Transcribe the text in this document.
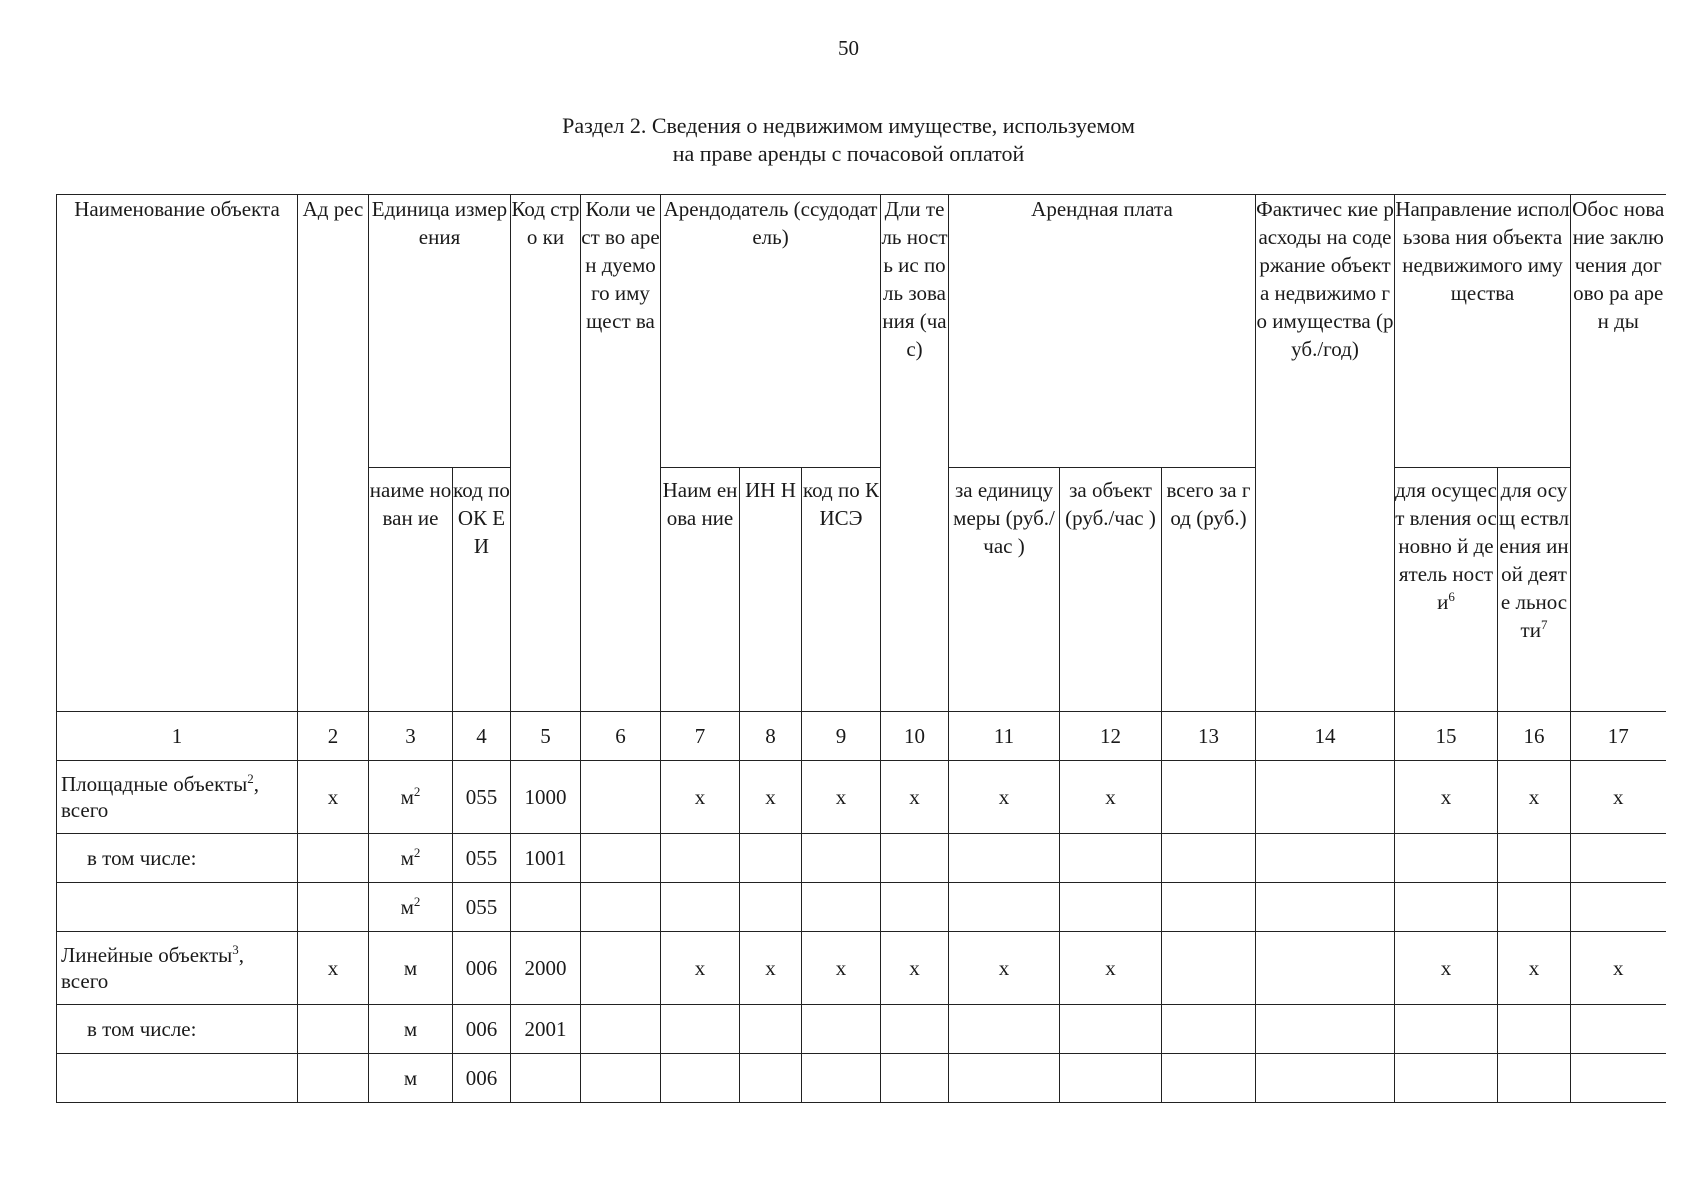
50
Раздел 2. Сведения о недвижимом имуществе, используемом
на праве аренды с почасовой оплатой
Наименование объекта	Ад рес	Единица измерения		Код стро ки	Коли чест во арен дуемо го иму щест ва	Арендодатель (ссудодатель)			Дли тель ность ис поль зова ния (час)	Арендная плата			Фактичес кие расходы на содержание объекта недвижимо го имущества (руб./год)	Направление использова ния объекта недвижимого имущества		Обос нова ние заклю чения догово ра арен ды
		наиме нован ие	код по ОК ЕИ			Наим енова ние	ИН Н	код по КИСЭ		за единицу меры (руб./час )	за объект (руб./час )	всего за год (руб.)		для осущест вления основно й деятель ности$^6$	для осущ ествл ения иной деяте льнос $ти^7$
1	2	3	4	5	6	7	8	9	10	11	12	13	14	15	16	17
Площадные объекты$^2$,
всего	x	$м^2$	055	1000		x	x	x	x	x	x			x	x	x
в том числе:		$м^2$	055	1001												
		$м^2$	055													
Линейные объекты$^3$,
всего	x	м	006	2000		x	x	x	x	x	x			x	x	x
в том числе:		м	006	2001												
		м	006													
